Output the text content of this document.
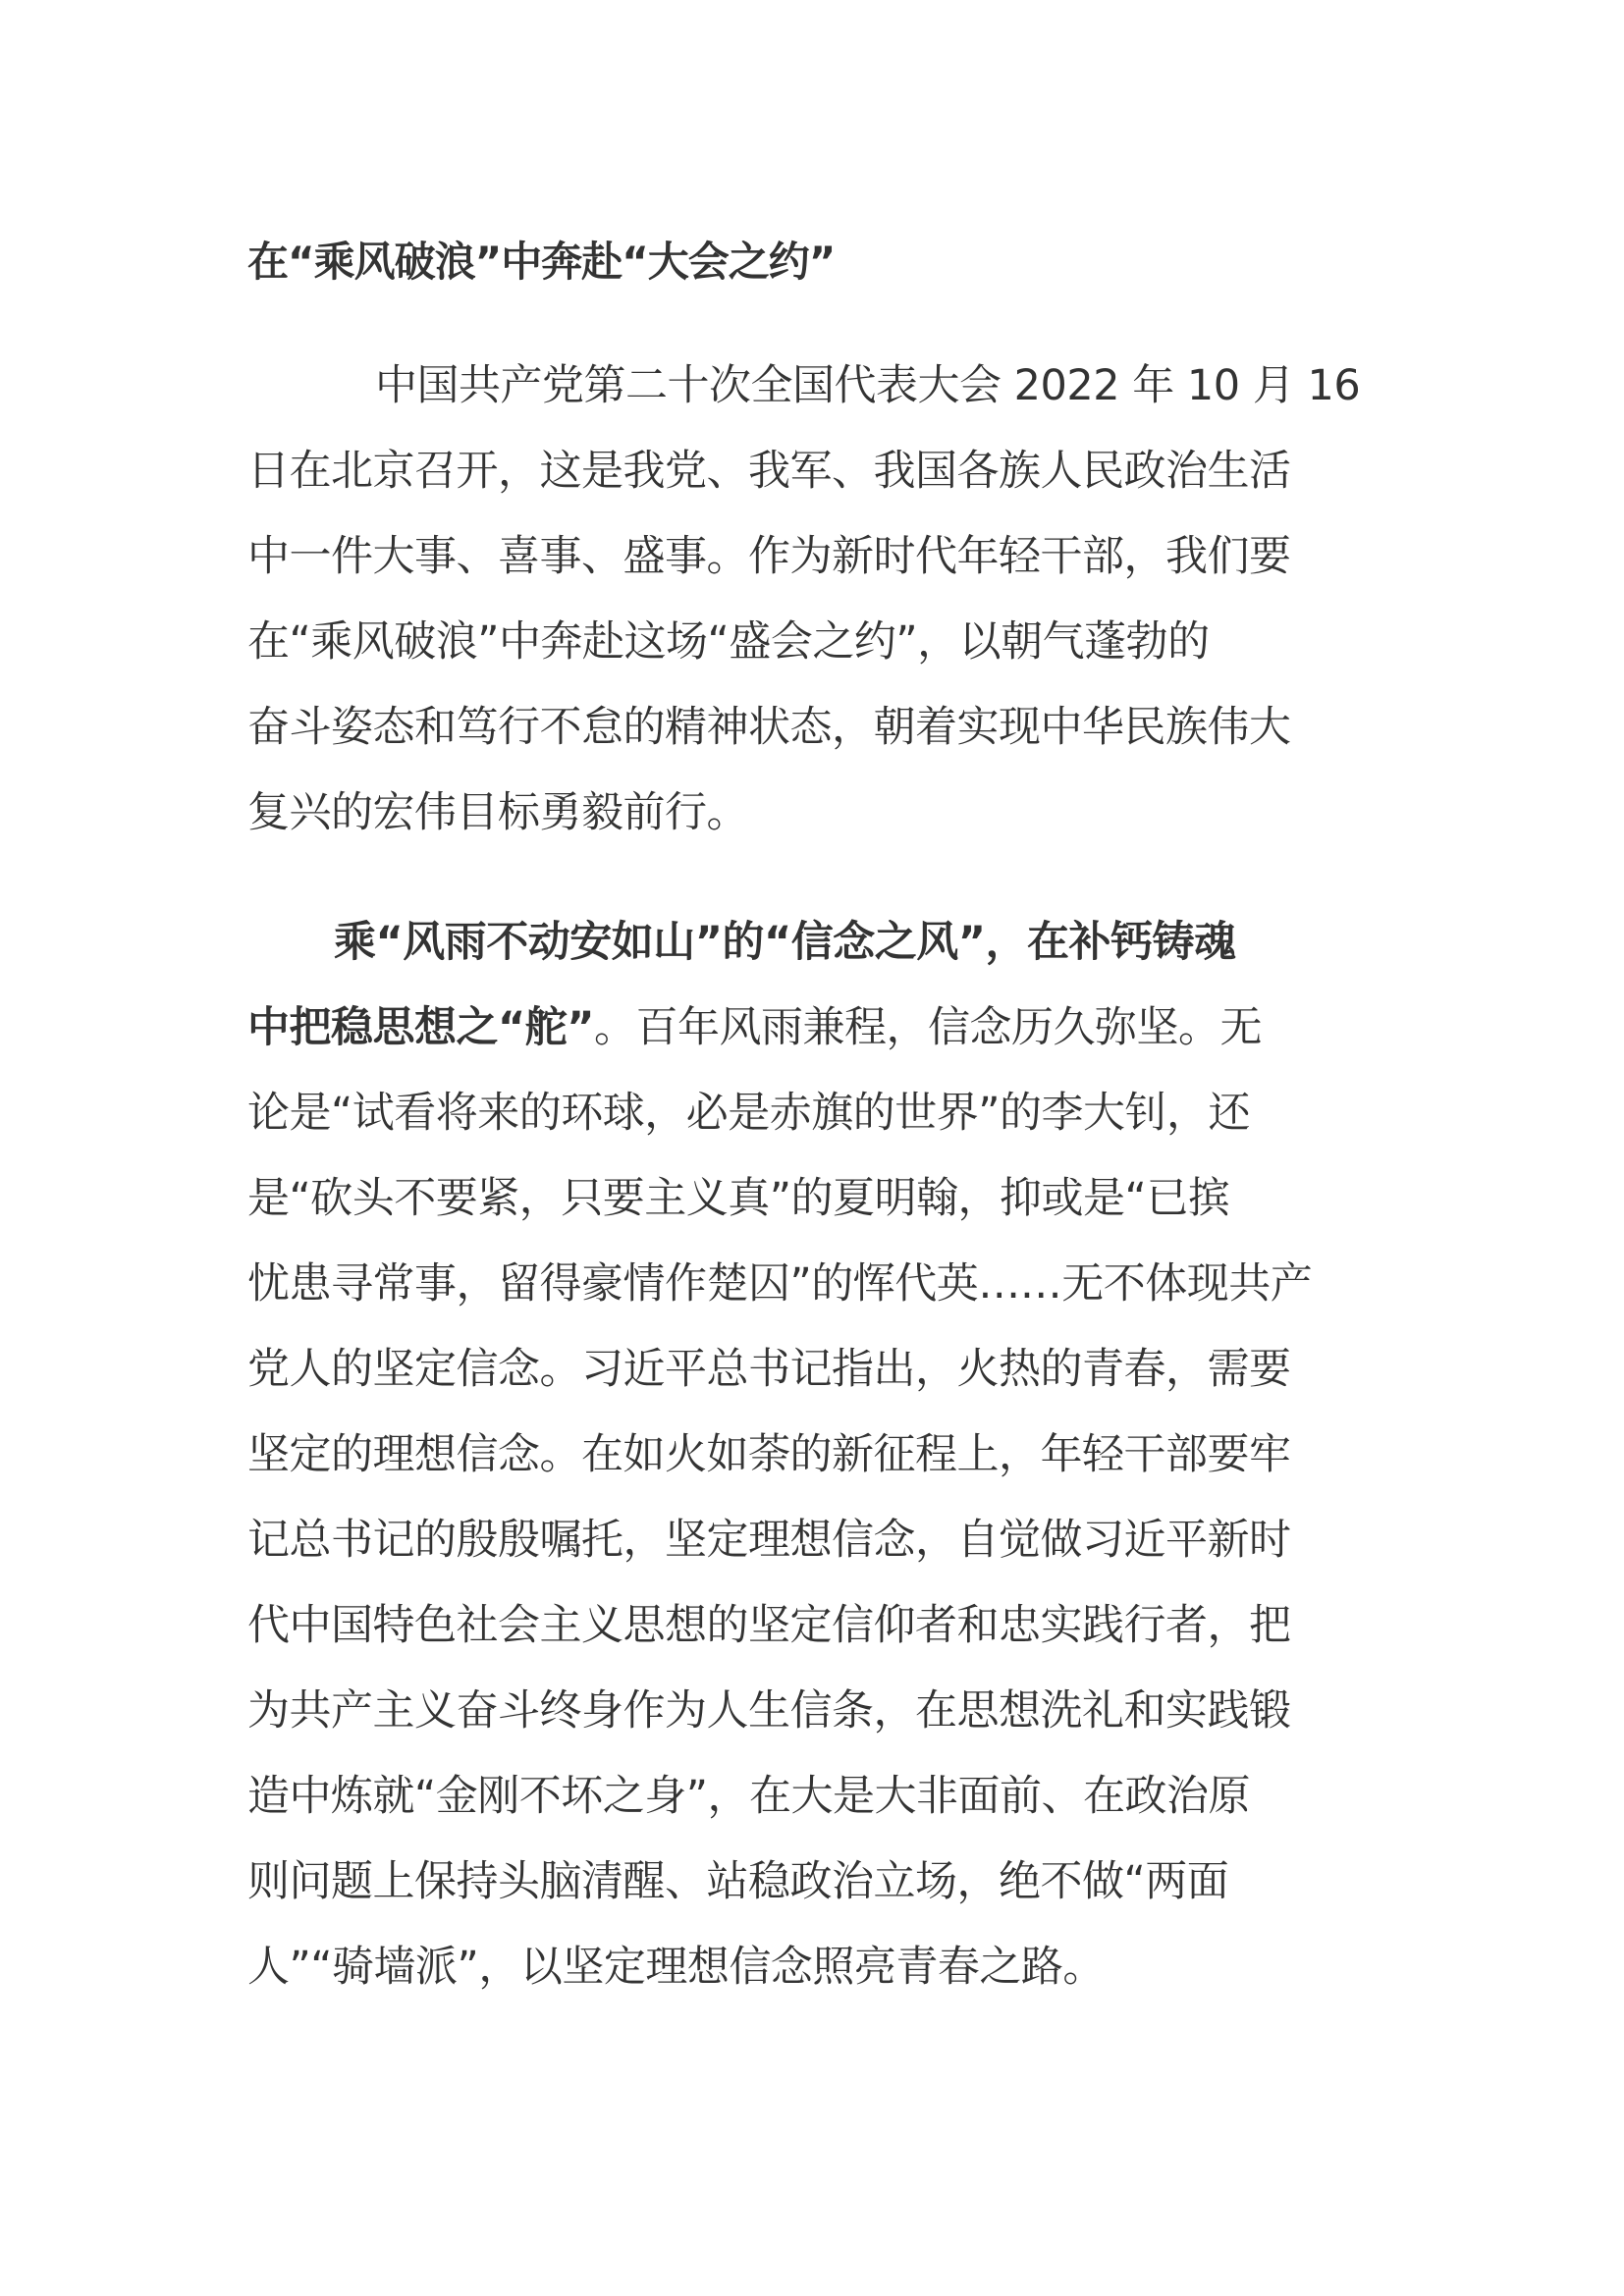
在“乘风破浪”中奔赴“大会之约”
中国共产党第二十次全国代表大会 2022 年 10 月 16
日在北京召开，这是我党、我军、我国各族人民政治生活
中一件大事、喜事、盛事。作为新时代年轻干部，我们要
在“乘风破浪”中奔赴这场“盛会之约”，以朝气蓬勃的
奋斗姿态和笃行不怠的精神状态，朝着实现中华民族伟大
复兴的宏伟目标勇毅前行。
乘“风雨不动安如山”的“信念之风”，在补钙铸魂
中把稳思想之“舵”。百年风雨兼程，信念历久弥坚。无
论是“试看将来的环球，必是赤旗的世界”的李大钊，还
是“砍头不要紧，只要主义真”的夏明翰，抑或是“已摈
忧患寻常事，留得豪情作楚囚”的恽代英……无不体现共产
党人的坚定信念。习近平总书记指出，火热的青春，需要
坚定的理想信念。在如火如荼的新征程上，年轻干部要牢
记总书记的殷殷嘱托，坚定理想信念，自觉做习近平新时
代中国特色社会主义思想的坚定信仰者和忠实践行者，把
为共产主义奋斗终身作为人生信条，在思想洗礼和实践锻
造中炼就“金刚不坏之身”，在大是大非面前、在政治原
则问题上保持头脑清醒、站稳政治立场，绝不做“两面
人”“骑墙派”，以坚定理想信念照亮青春之路。
